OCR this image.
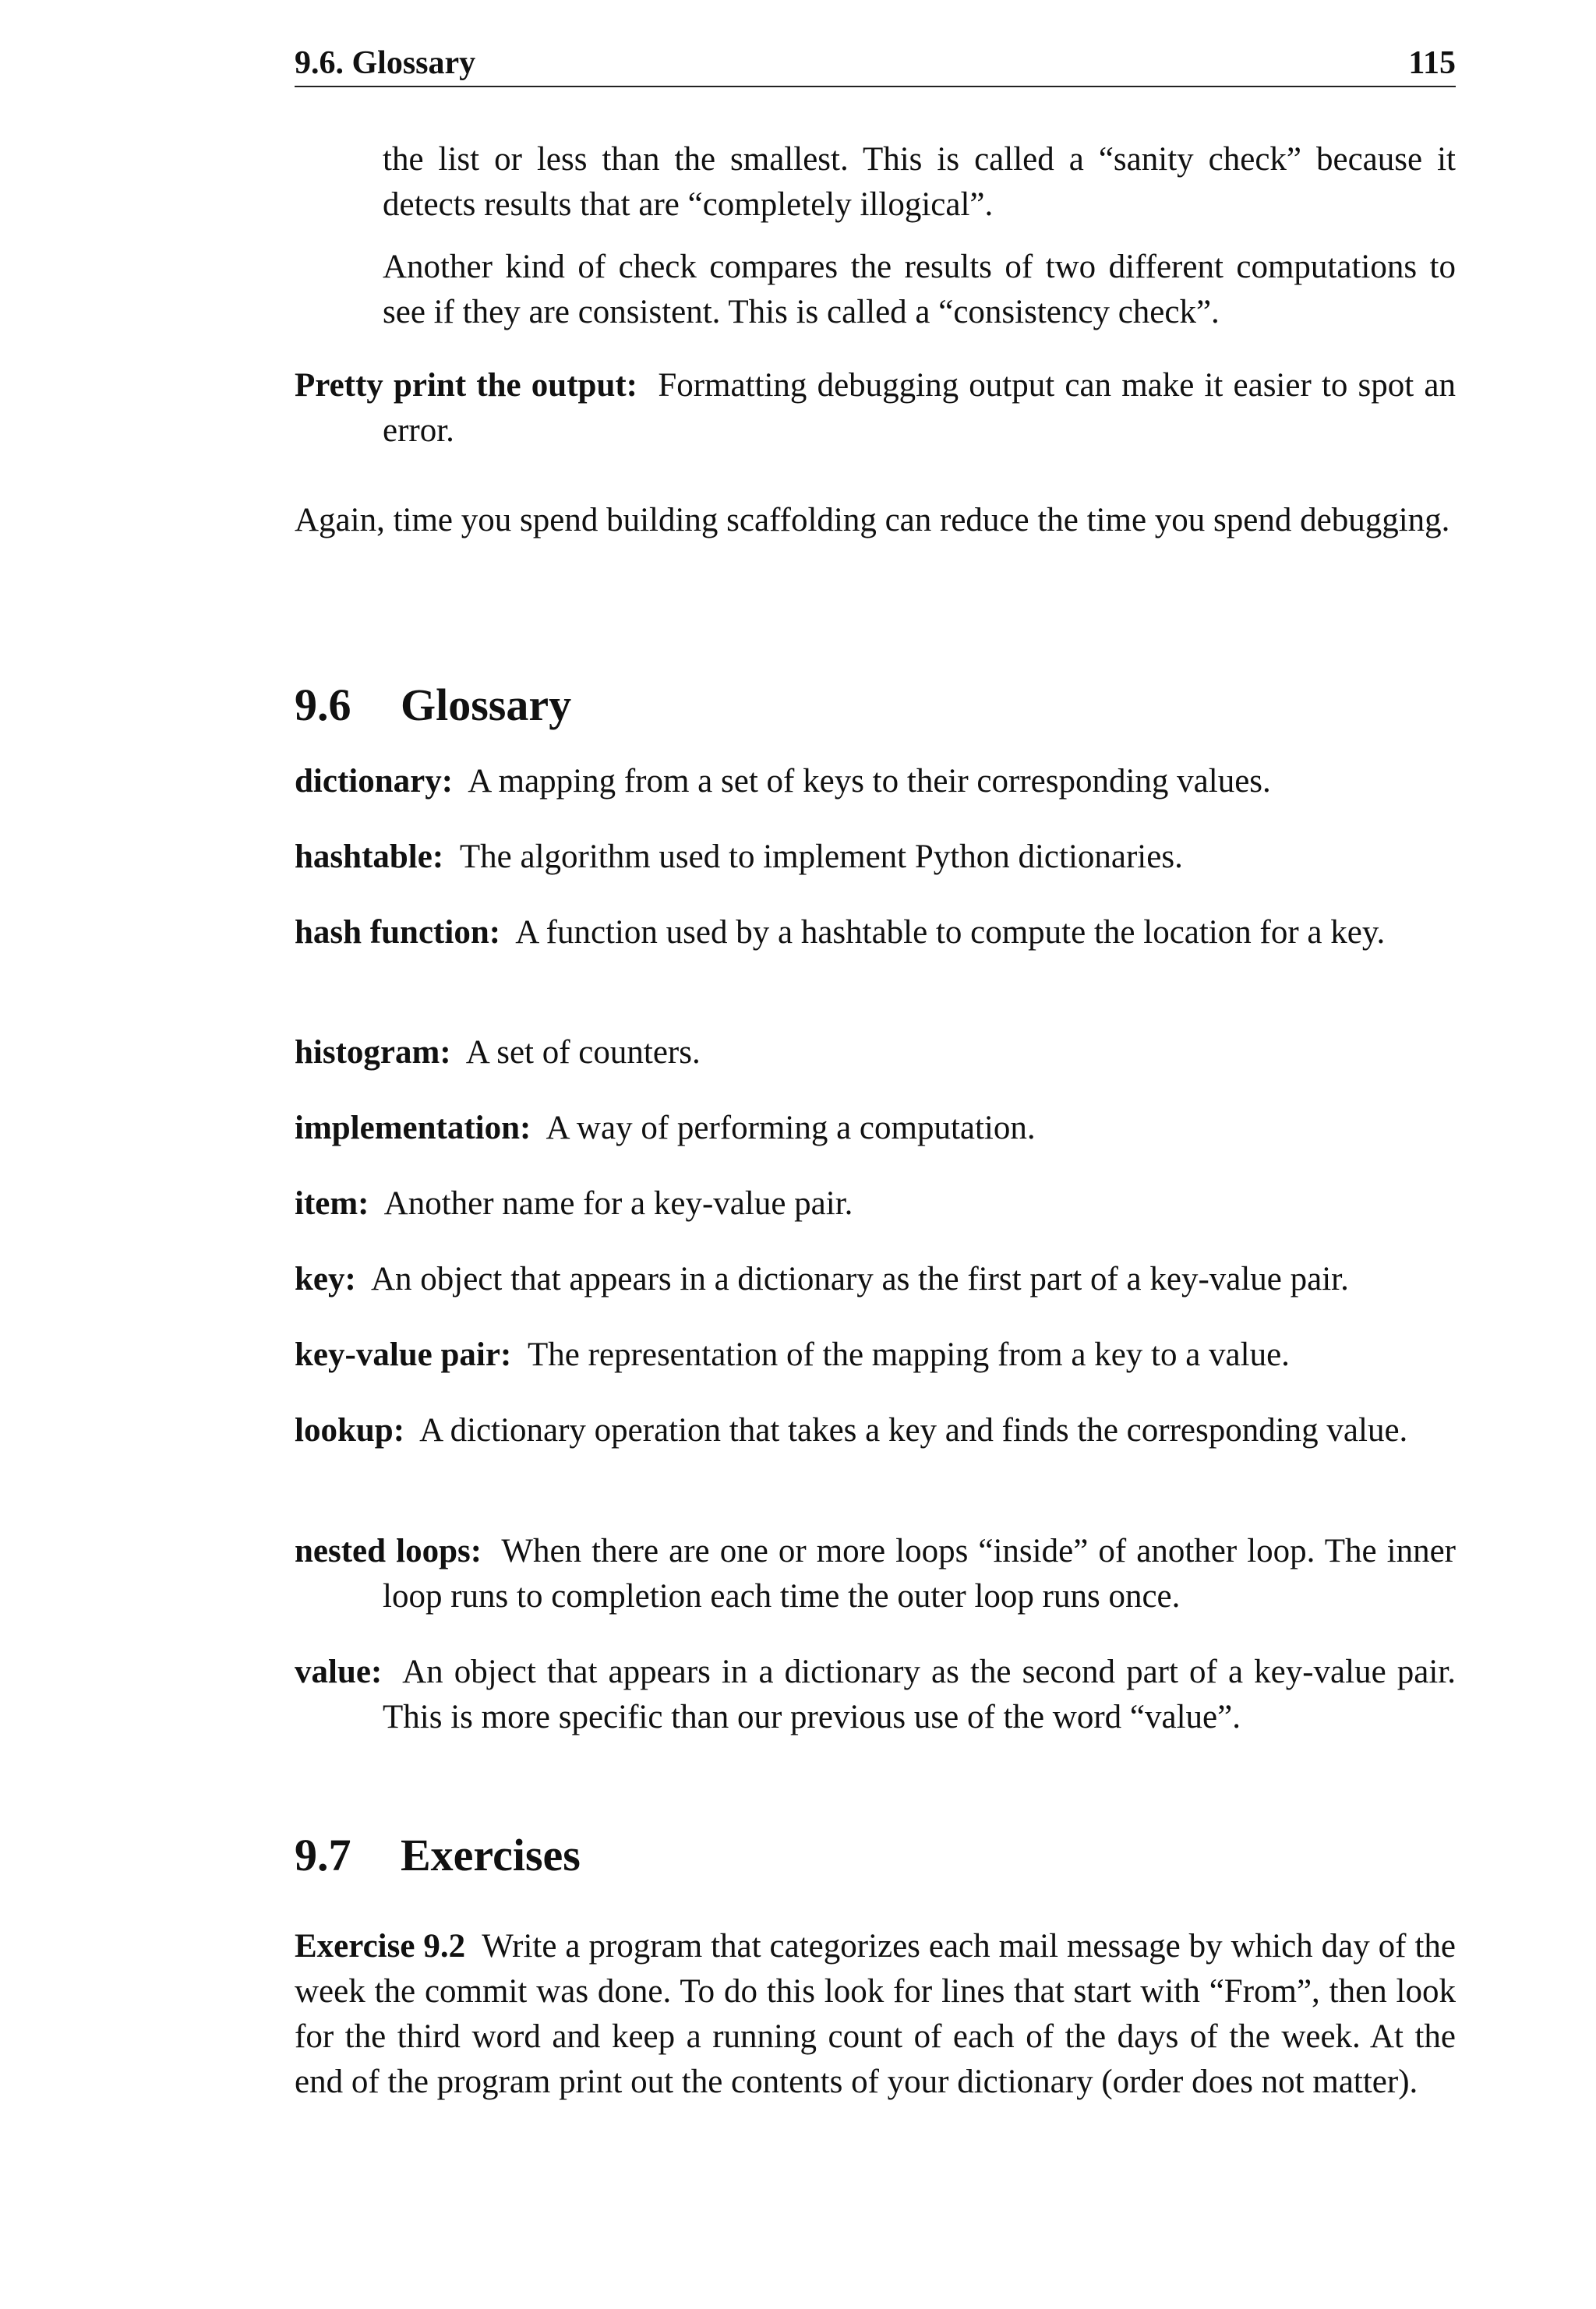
9.6. Glossary	115
the list or less than the smallest. This is called a “sanity check” because it detects results that are “completely illogical”.
Another kind of check compares the results of two different computations to see if they are consistent. This is called a “consistency check”.
Pretty print the output: Formatting debugging output can make it easier to spot an error.
Again, time you spend building scaffolding can reduce the time you spend debugging.
9.6 Glossary
dictionary: A mapping from a set of keys to their corresponding values.
hashtable: The algorithm used to implement Python dictionaries.
hash function: A function used by a hashtable to compute the location for a key.
histogram: A set of counters.
implementation: A way of performing a computation.
item: Another name for a key-value pair.
key: An object that appears in a dictionary as the first part of a key-value pair.
key-value pair: The representation of the mapping from a key to a value.
lookup: A dictionary operation that takes a key and finds the corresponding value.
nested loops: When there are one or more loops “inside” of another loop. The inner loop runs to completion each time the outer loop runs once.
value: An object that appears in a dictionary as the second part of a key-value pair. This is more specific than our previous use of the word “value”.
9.7 Exercises
Exercise 9.2 Write a program that categorizes each mail message by which day of the week the commit was done. To do this look for lines that start with “From”, then look for the third word and keep a running count of each of the days of the week. At the end of the program print out the contents of your dictionary (order does not matter).
